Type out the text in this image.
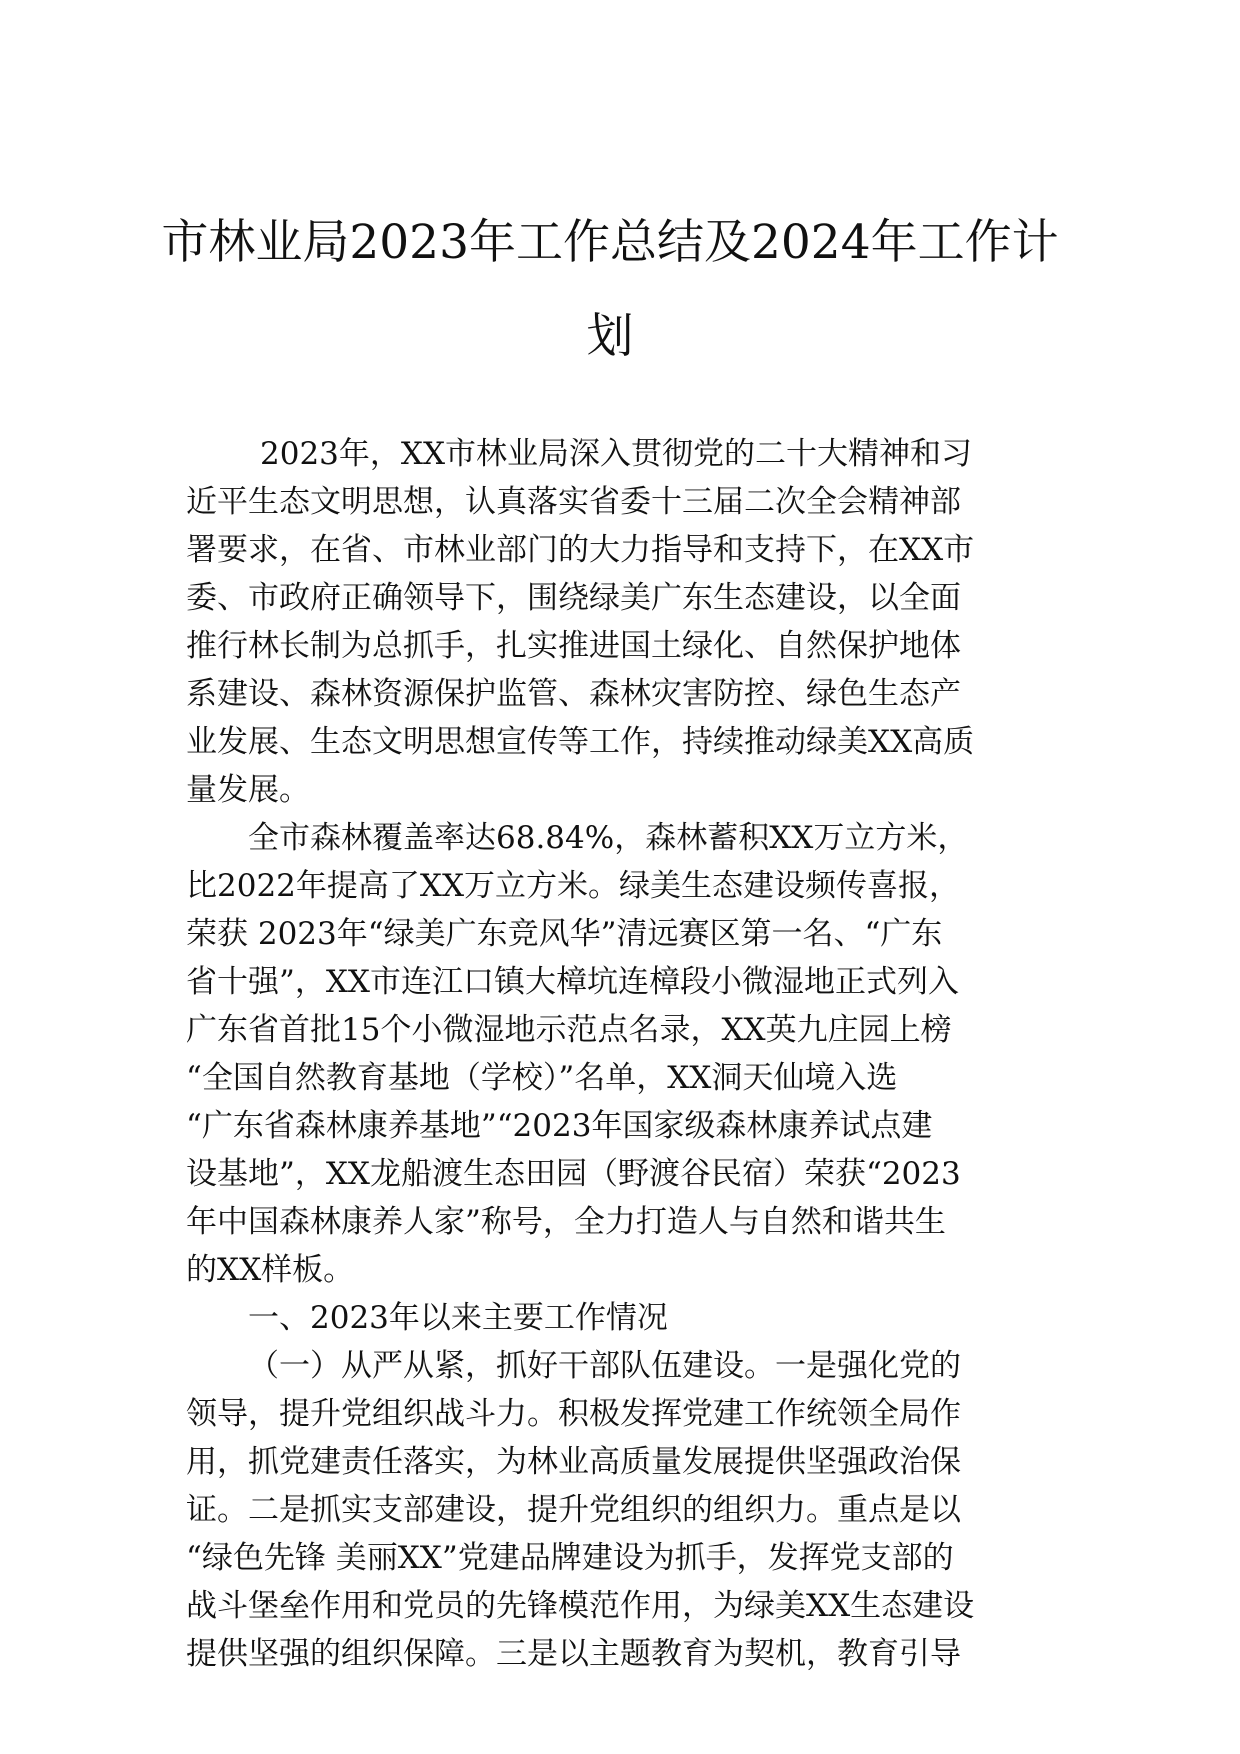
市林业局2023年工作总结及2024年工作计
划

2023年，XX市林业局深入贯彻党的二十大精神和习
近平生态文明思想，认真落实省委十三届二次全会精神部
署要求，在省、市林业部门的大力指导和支持下，在XX市
委、市政府正确领导下，围绕绿美广东生态建设，以全面
推行林长制为总抓手，扎实推进国土绿化、自然保护地体
系建设、森林资源保护监管、森林灾害防控、绿色生态产
业发展、生态文明思想宣传等工作，持续推动绿美XX高质
量发展。

全市森林覆盖率达68.84%，森林蓄积XX万立方米，
比2022年提高了XX万立方米。绿美生态建设频传喜报，
荣获 2023年“绿美广东竞风华”清远赛区第一名、“广东
省十强”，XX市连江口镇大樟坑连樟段小微湿地正式列入
广东省首批15个小微湿地示范点名录，XX英九庄园上榜
“全国自然教育基地（学校）”名单，XX洞天仙境入选
“广东省森林康养基地”“2023年国家级森林康养试点建
设基地”，XX龙船渡生态田园（野渡谷民宿）荣获“2023
年中国森林康养人家”称号，全力打造人与自然和谐共生
的XX样板。

一、2023年以来主要工作情况

（一）从严从紧，抓好干部队伍建设。一是强化党的
领导，提升党组织战斗力。积极发挥党建工作统领全局作
用，抓党建责任落实，为林业高质量发展提供坚强政治保
证。二是抓实支部建设，提升党组织的组织力。重点是以
“绿色先锋 美丽XX”党建品牌建设为抓手，发挥党支部的
战斗堡垒作用和党员的先锋模范作用，为绿美XX生态建设
提供坚强的组织保障。三是以主题教育为契机，教育引导
